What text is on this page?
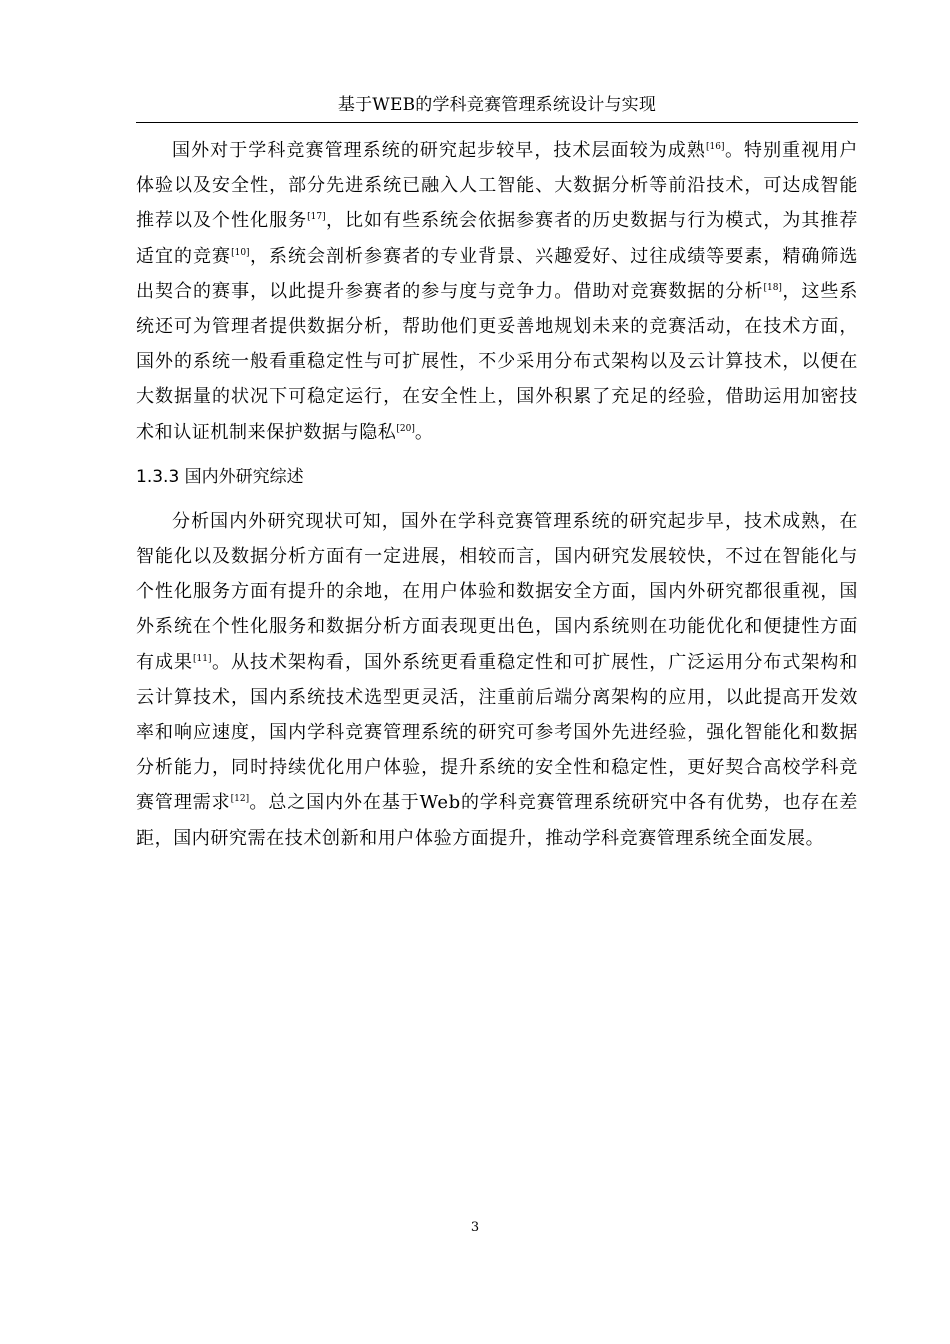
基于WEB的学科竞赛管理系统设计与实现

国外对于学科竞赛管理系统的研究起步较早，技术层面较为成熟[16]。特别重视用户体验以及安全性，部分先进系统已融入人工智能、大数据分析等前沿技术，可达成智能推荐以及个性化服务[17]，比如有些系统会依据参赛者的历史数据与行为模式，为其推荐适宜的竞赛[10]，系统会剖析参赛者的专业背景、兴趣爱好、过往成绩等要素，精确筛选出契合的赛事，以此提升参赛者的参与度与竞争力。借助对竞赛数据的分析[18]，这些系统还可为管理者提供数据分析，帮助他们更妥善地规划未来的竞赛活动，在技术方面，国外的系统一般看重稳定性与可扩展性，不少采用分布式架构以及云计算技术，以便在大数据量的状况下可稳定运行，在安全性上，国外积累了充足的经验，借助运用加密技术和认证机制来保护数据与隐私[20]。

1.3.3 国内外研究综述

分析国内外研究现状可知，国外在学科竞赛管理系统的研究起步早，技术成熟，在智能化以及数据分析方面有一定进展，相较而言，国内研究发展较快，不过在智能化与个性化服务方面有提升的余地，在用户体验和数据安全方面，国内外研究都很重视，国外系统在个性化服务和数据分析方面表现更出色，国内系统则在功能优化和便捷性方面有成果[11]。从技术架构看，国外系统更看重稳定性和可扩展性，广泛运用分布式架构和云计算技术，国内系统技术选型更灵活，注重前后端分离架构的应用，以此提高开发效率和响应速度，国内学科竞赛管理系统的研究可参考国外先进经验，强化智能化和数据分析能力，同时持续优化用户体验，提升系统的安全性和稳定性，更好契合高校学科竞赛管理需求[12]。总之国内外在基于Web的学科竞赛管理系统研究中各有优势，也存在差距，国内研究需在技术创新和用户体验方面提升，推动学科竞赛管理系统全面发展。

3
